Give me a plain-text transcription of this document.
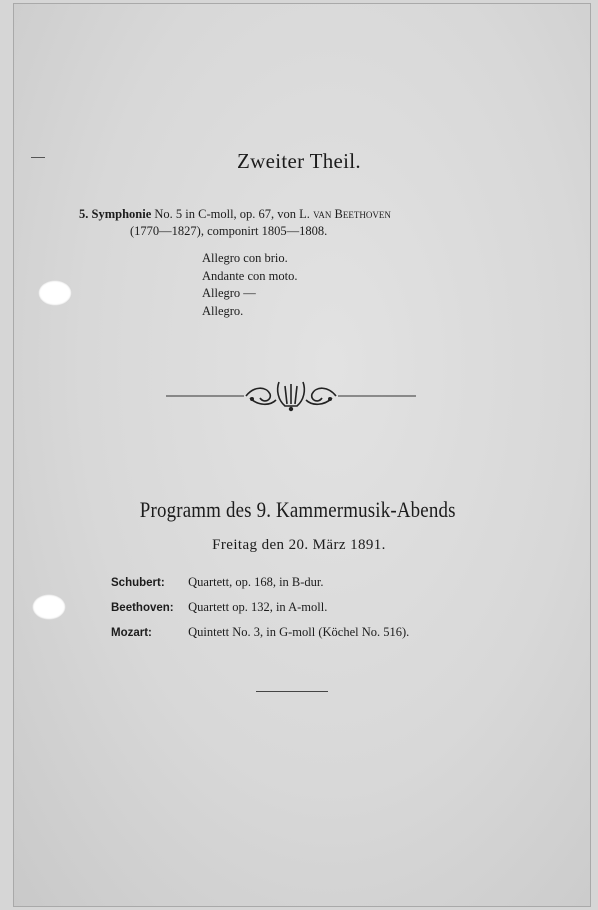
Zweiter Theil.
5. Symphonie No. 5 in C-moll, op. 67, von L. van Beethoven
(1770—1827), componirt 1805—1808.
Allegro con brio.
Andante con moto.
Allegro —
Allegro.
Programm des 9. Kammermusik-Abends
Freitag den 20. März 1891.
Schubert: Quartett, op. 168, in B-dur.
Beethoven: Quartett op. 132, in A-moll.
Mozart:	Quintett No. 3, in G-moll (Köchel No. 516).
